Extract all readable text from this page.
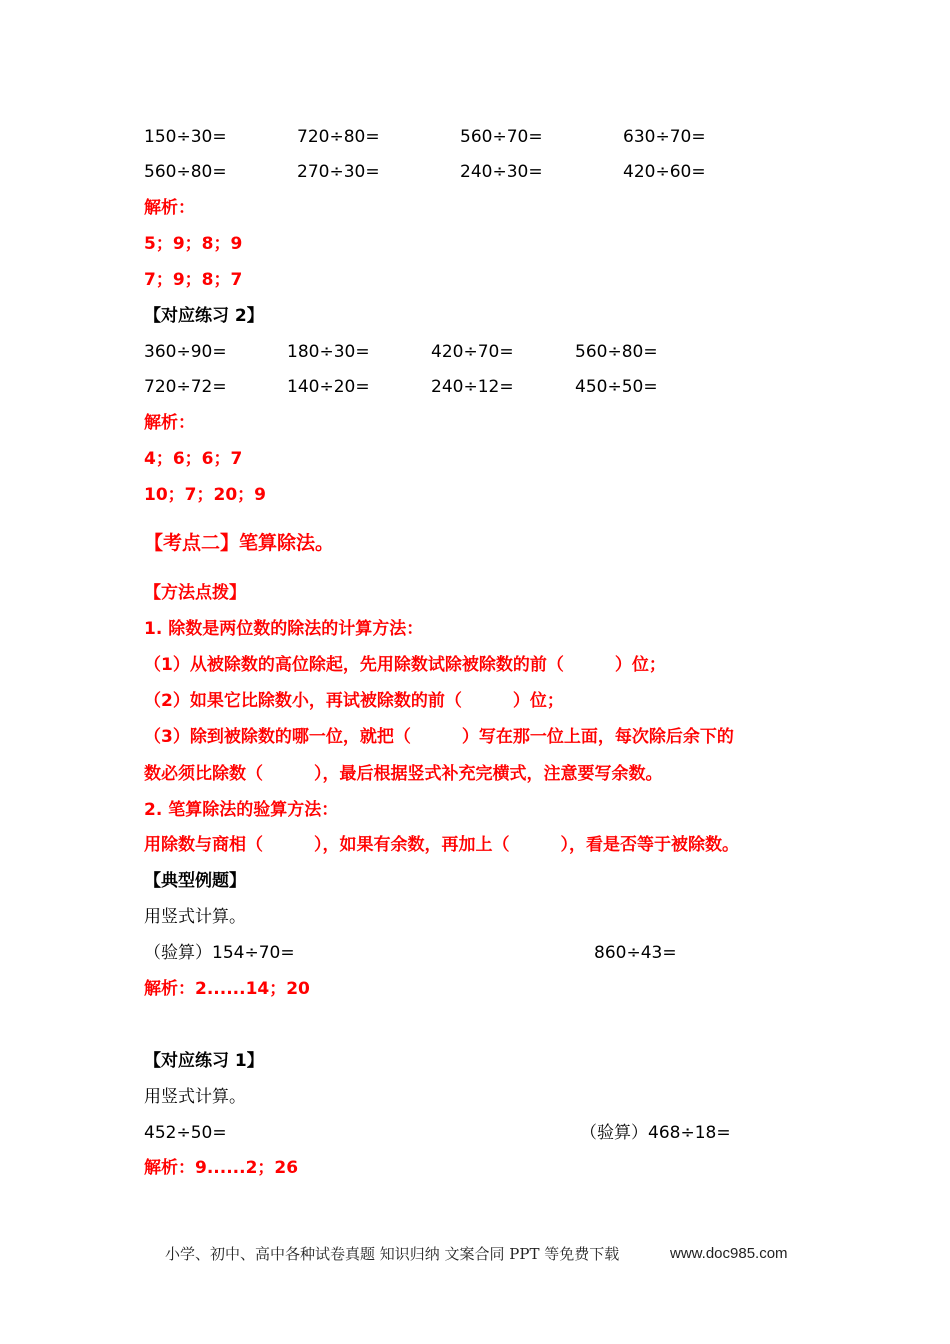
150÷30=	720÷80=	560÷70=	630÷70=
560÷80=	270÷30=	240÷30=	420÷60=
解析：
5；9；8；9
7；9；8；7
【对应练习 2】
360÷90=	180÷30=	420÷70=	560÷80=
720÷72=	140÷20=	240÷12=	450÷50=
解析：
4；6；6；7
10；7；20；9
【考点二】笔算除法。
【方法点拨】
1. 除数是两位数的除法的计算方法：
（1）从被除数的高位除起，先用除数试除被除数的前（　　　）位；
（2）如果它比除数小，再试被除数的前（　　　）位；
（3）除到被除数的哪一位，就把（　　　）写在那一位上面，每次除后余下的
数必须比除数（　　　），最后根据竖式补充完横式，注意要写余数。
2. 笔算除法的验算方法：
用除数与商相（　　　），如果有余数，再加上（　　　），看是否等于被除数。
【典型例题】
用竖式计算。
（验算）154÷70=	860÷43=
解析：2......14；20
【对应练习 1】
用竖式计算。
452÷50=	（验算）468÷18=
解析：9......2；26
小学、初中、高中各种试卷真题 知识归纳 文案合同 PPT 等免费下载	www.doc985.com
